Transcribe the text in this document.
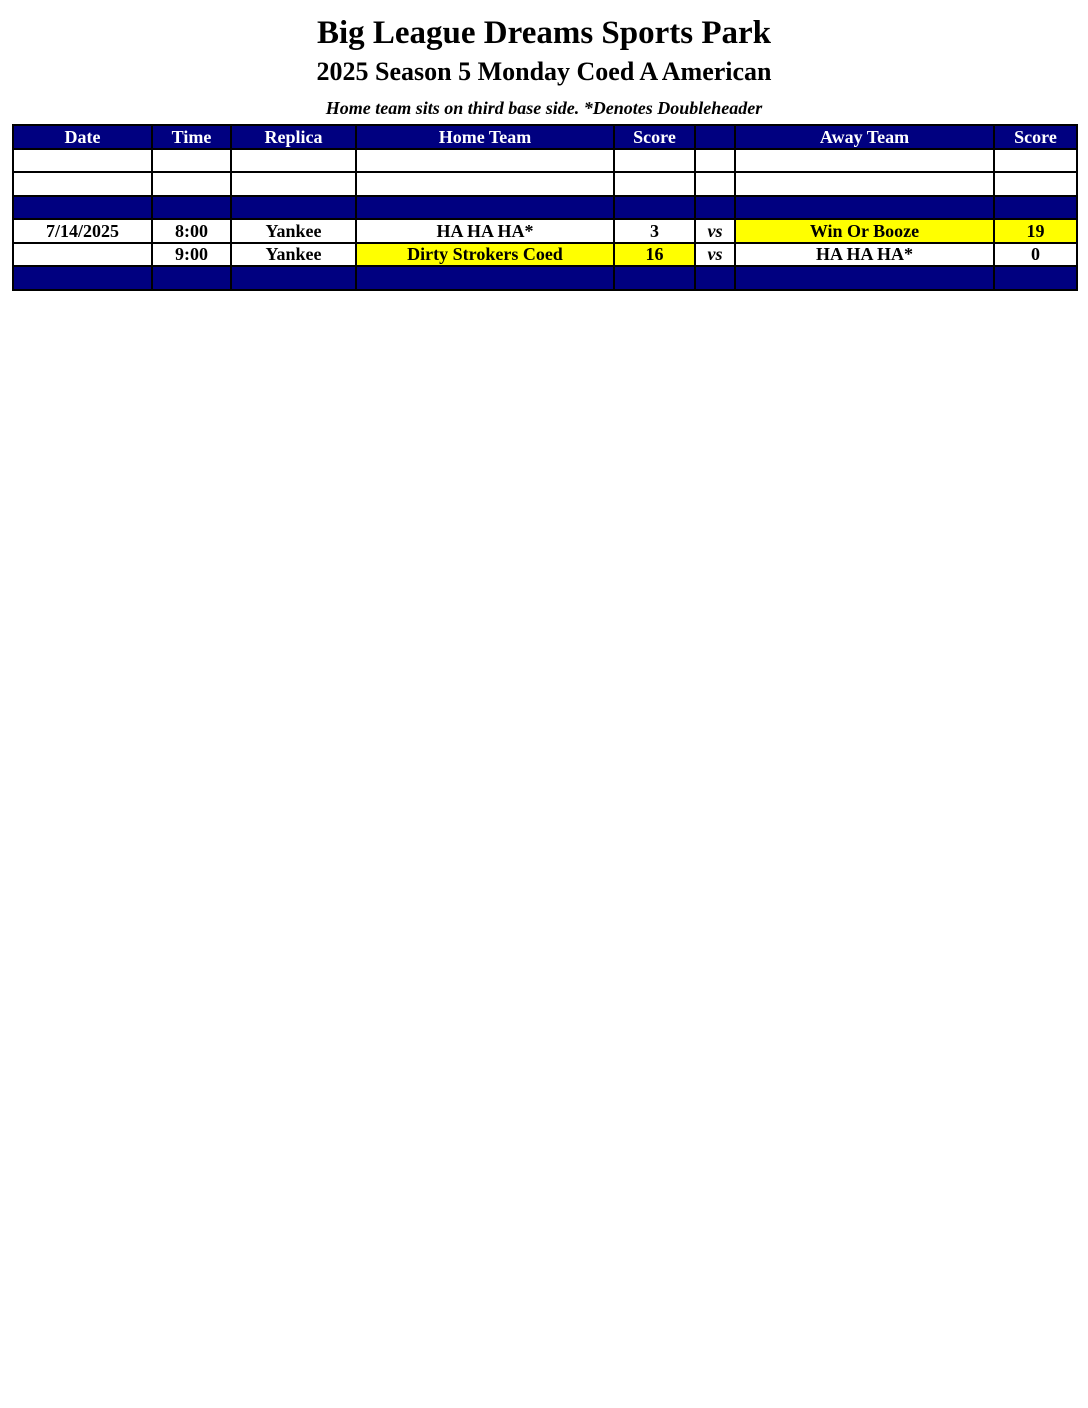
Big League Dreams Sports Park
2025 Season 5 Monday Coed A American
Home team sits on third base side. *Denotes Doubleheader
Date	Time	Replica	Home Team	Score		Away Team	Score

7/14/2025	8:00	Yankee	HA HA HA*	3	vs	Win Or Booze	19
	9:00	Yankee	Dirty Strokers Coed	16	vs	HA HA HA*	0
